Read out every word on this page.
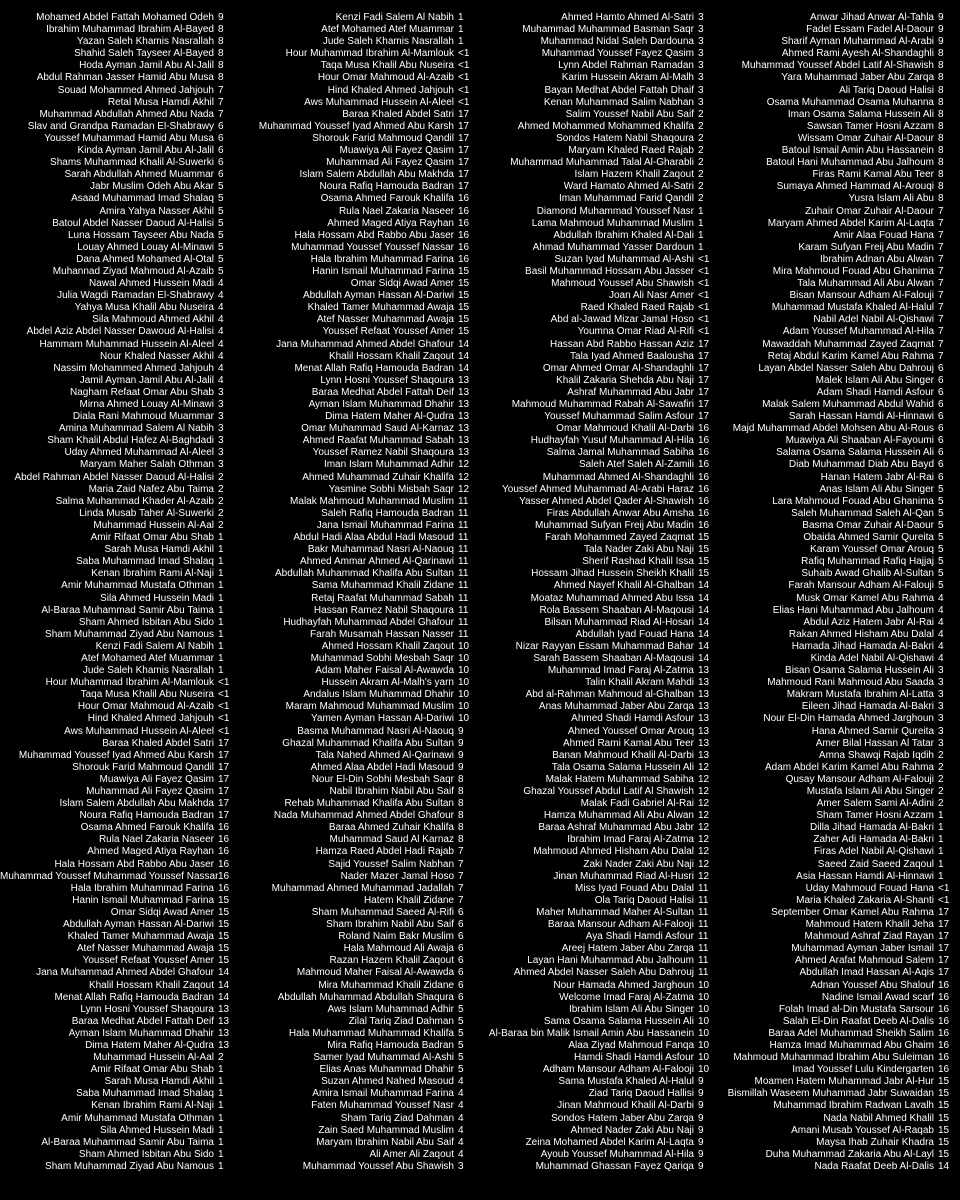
Mohamed Abdel Fattah Mohamed Odeh 9
Ibrahim Muhammad Ibrahim Al-Bayed 8
Yazan Saleh Khamis Nasrallah 8
Shahid Saleh Tayseer Al-Bayed 8
Hoda Ayman Jamil Abu Al-Jalil 8
Abdul Rahman Jasser Hamid Abu Musa 8
Souad Mohammed Ahmed Jahjouh 7
Retal Musa Hamdi Akhil 7
Muhammad Abdullah Ahmed Abu Nada 7
Slav and Grandpa Ramadan El-Shabrawy 6
Youssef Muhammad Hamid Abu Musa 6
Kinda Ayman Jamil Abu Al-Jalil 6
Shams Muhammad Khalil Al-Suwerki 6
Sarah Abdullah Ahmed Muammar 6
Jabr Muslim Odeh Abu Akar 5
Asaad Muhammad Imad Shalaq 5
Amira Yahya Nasser Akhil 5
Batoul Abdel Nasser Daoud Al-Halisi 5
Luna Hossam Tayseer Abu Nada 5
Louay Ahmed Louay Al-Minawi 5
Dana Ahmed Mohamed Al-Otal 5
Muhannad Ziyad Mahmoud Al-Azaib 5
Nawal Ahmed Hussein Madi 4
Julia Wagdi Ramadan El-Shabrawy 4
Yahya Musa Khalil Abu Nuseira 4
Sila Mahmoud Ahmed Akhil 4
Abdel Aziz Abdel Nasser Dawoud Al-Halisi 4
Hammam Muhammad Hussein Al-Aleel 4
Nour Khaled Nasser Akhil 4
Nassim Mohammed Ahmed Jahjouh 4
Jamil Ayman Jamil Abu Al-Jalil 4
Nagham Refaat Omar Abu Shab 3
Mirna Ahmed Louay Al-Minawi 3
Diala Rani Mahmoud Muammar 3
Amina Muhammad Salem Al Nabih 3
Sham Khalil Abdul Hafez Al-Baghdadi 3
Uday Ahmed Muhammad Al-Aleel 3
Maryam Maher Salah Othman 3
Abdel Rahman Abdel Nasser Daoud Al-Halisi 2
Maria Zaid Nafez Abu Taima 2
Salma Muhammad Khader Al-Azaib 2
Linda Musab Taher Al-Suwerki 2
Muhammad Hussein Al-Aal 2
Amir Rifaat Omar Abu Shab 1
Sarah Musa Hamdi Akhil 1
Saba Muhammad Imad Shalaq 1
Kenan Ibrahim Rami Al-Naji 1
Amir Muhammad Mustafa Othman 1
Sila Ahmed Hussein Madi 1
Al-Baraa Muhammad Samir Abu Taima 1
Sham Ahmed Isbitan Abu Sido 1
Sham Muhammad Ziyad Abu Namous 1
Kenzi Fadi Salem Al Nabih 1
Atef Mohamed Atef Muammar 1
Jude Saleh Khamis Nasrallah 1
Hour Muhammad Ibrahim Al-Mamlouk <1
Taqa Musa Khalil Abu Nuseira <1
Hour Omar Mahmoud Al-Azaib <1
Hind Khaled Ahmed Jahjouh <1
Aws Muhammad Hussein Al-Aleel <1
Baraa Khaled Abdel Satri 17
Muhammad Youssef Iyad Ahmed Abu Karsh 17
Shorouk Farid Mahmoud Qandil 17
Muawiya Ali Fayez Qasim 17
Muhammad Ali Fayez Qasim 17
Islam Salem Abdullah Abu Makhda 17
Noura Rafiq Hamouda Badran 17
Osama Ahmed Farouk Khalifa 16
Rula Nael Zakaria Naseer 16
Ahmed Maged Atiya Rayhan 16
Hala Hossam Abd Rabbo Abu Jaser 16
Muhammad Youssef Muhammad Youssef Nassar 16
Hala Ibrahim Muhammad Farina 16
Hanin Ismail Muhammad Farina 15
Omar Sidqi Awad Amer 15
Abdullah Ayman Hassan Al-Dariwi 15
Khaled Tamer Muhammad Awaja 15
Atef Nasser Muhammad Awaja 15
Youssef Refaat Youssef Amer 15
Jana Muhammad Ahmed Abdel Ghafour 14
Khalil Hossam Khalil Zaqout 14
Menat Allah Rafiq Hamouda Badran 14
Lynn Hosni Youssef Shaqoura 13
Baraa Medhat Abdel Fattah Deif 13
Ayman Islam Muhammad Dhahir 13
Dima Hatem Maher Al-Qudra 13
Muhammad Hussein Al-Aal 2
Amir Rifaat Omar Abu Shab 1
Sarah Musa Hamdi Akhil 1
Saba Muhammad Imad Shalaq 1
Kenan Ibrahim Rami Al-Naji 1
Amir Muhammad Mustafa Othman 1
Sila Ahmed Hussein Madi 1
Al-Baraa Muhammad Samir Abu Taima 1
Sham Ahmed Isbitan Abu Sido 1
Sham Muhammad Ziyad Abu Namous 1
Kenzi Fadi Salem Al Nabih 1
Atef Mohamed Atef Muammar 1
Jude Saleh Khamis Nasrallah 1
Hour Muhammad Ibrahim Al-Mamlouk <1
Taqa Musa Khalil Abu Nuseira <1
Hour Omar Mahmoud Al-Azaib <1
Hind Khaled Ahmed Jahjouh <1
Aws Muhammad Hussein Al-Aleel <1
Baraa Khaled Abdel Satri 17
Muhammad Youssef Iyad Ahmed Abu Karsh 17
Shorouk Farid Mahmoud Qandil 17
Muawiya Ali Fayez Qasim 17
Muhammad Ali Fayez Qasim 17
Islam Salem Abdullah Abu Makhda 17
Noura Rafiq Hamouda Badran 17
Osama Ahmed Farouk Khalifa 16
Rula Nael Zakaria Naseer 16
Ahmed Maged Atiya Rayhan 16
Hala Hossam Abd Rabbo Abu Jaser 16
Muhammad Youssef Youssef Nassar 16
Hala Ibrahim Muhammad Farina 16
Hanin Ismail Muhammad Farina 15
Omar Sidqi Awad Amer 15
Abdullah Ayman Hassan Al-Dariwi 15
Khaled Tamer Muhammad Awaja 15
Atef Nasser Muhammad Awaja 15
Youssef Refaat Youssef Amer 15
Jana Muhammad Ahmed Abdel Ghafour 14
Khalil Hossam Khalil Zaqout 14
Menat Allah Rafiq Hamouda Badran 14
Lynn Hosni Youssef Shaqoura 13
Baraa Medhat Abdel Fattah Deif 13
Ayman Islam Muhammad Dhahir 13
Dima Hatem Maher Al-Qudra 13
Omar Muhammad Saud Al-Karnaz 13
Ahmed Raafat Muhammad Sabah 13
Youssef Ramez Nabil Shaqoura 13
Iman Islam Muhammad Adhir 12
Ahmed Muhammad Zuhair Khalifa 12
Yasmine Sobhi Misbah Saqr 12
Malak Mahmoud Muhammad Muslim 11
Saleh Rafiq Hamouda Badran 11
Jana Ismail Muhammad Farina 11
Abdul Hadi Alaa Abdul Hadi Masoud 11
Bakr Muhammad Nasri Al-Naouq 11
Ahmed Ammar Ahmed Al-Qarinawi 11
Abdullah Muhammad Khalifa Abu Sultan 11
Sama Muhammad Khalil Zidane 11
Retaj Raafat Muhammad Sabah 11
Hassan Ramez Nabil Shaqoura 11
Hudhayfah Muhammad Abdel Ghafour 11
Farah Musamah Hassan Nasser 11
Ahmed Hossam Khalil Zaqout 10
Muhammad Sobhi Mesbah Saqr 10
Adam Maher Faisal Al-Awawda 10
Hussein Akram Al-Malh's yarn 10
Andalus Islam Muhammad Dhahir 10
Maram Mahmoud Muhammad Muslim 10
Yamen Ayman Hassan Al-Dariwi 10
Basma Muhammad Nasri Al-Naouq 9
Ghazal Muhammad Khalifa Abu Sultan 9
Tala Nahed Ahmed Al-Qarinawi 9
Ahmed Alaa Abdel Hadi Masoud 9
Nour El-Din Sobhi Mesbah Saqr 8
Nabil Ibrahim Nabil Abu Saif 8
Rehab Muhammad Khalifa Abu Sultan 8
Nada Muhammad Ahmed Abdel Ghafour 8
Baraa Ahmed Zuhair Khalifa 8
Muhammad Saud Al Karnaz 8
Hamza Raed Abdel Hadi Rajab 7
Sajid Youssef Salim Nabhan 7
Nader Mazer Jamal Hoso 7
Muhammad Ahmed Muhammad Jadallah 7
Hatem Khalil Zidane 7
Sham Muhammad Saeed Al-Rifi 6
Sham Ibrahim Nabil Abu Saif 6
Roland Naim Bakr Muslim 6
Hala Mahmoud Ali Awaja 6
Razan Hazem Khalil Zaqout 6
Mahmoud Maher Faisal Al-Awawda 6
Mira Muhammad Khalil Zidane 6
Abdullah Muhammad Abdullah Shaqura 6
Aws Islam Muhammad Adhir 5
Zilal Tariq Ziad Dahman 5
Hala Muhammad Muhammad Khalifa 5
Mira Rafiq Hamouda Badran 5
Samer Iyad Muhammad Al-Ashi 5
Elias Anas Muhammad Dhahir 5
Suzan Ahmed Nahed Masoud 4
Amira Ismail Muhammad Farina 4
Faten Muhammad Youssef Nasr 4
Sham Tariq Ziad Dahman 4
Zain Saed Muhammad Muslim 4
Maryam Ibrahim Nabil Abu Saif 4
Ali Amer Ali Zaqout 4
Muhammad Youssef Abu Shawish 3
Ahmed Hamto Ahmed Al-Satri 3
Muhammad Muhammad Basman Saqr 3
Muhammad Nidal Saleh Dardouna 3
Muhammad Youssef Fayez Qasim 3
Lynn Abdel Rahman Ramadan 3
Karim Hussein Akram Al-Malh 3
Bayan Medhat Abdel Fattah Dhaif 3
Kenan Muhammad Salim Nabhan 3
Salim Youssef Nabil Abu Saif 2
Ahmed Mohammed Mohammed Khalifa 2
Sondos Hatem Nabil Shaqoura 2
Maryam Khaled Raed Rajab 2
Muhammad Muhammad Talal Al-Gharabli 2
Islam Hazem Khalil Zaqout 2
Ward Hamato Ahmed Al-Satri 2
Iman Muhammad Farid Qandil 2
Diamond Muhammad Youssef Nasr 1
Lama Mahmoud Muhammad Muslim 1
Abdullah Ibrahim Khaled Al-Dali 1
Ahmad Muhammad Yasser Dardoun 1
Suzan Iyad Muhammad Al-Ashi <1
Basil Muhammad Hossam Abu Jasser <1
Mahmoud Youssef Abu Shawish <1
Joan Ali Nasr Amer <1
Raed Khaled Raed Rajab <1
Abd al-Jawad Mizar Jamal Hoso <1
Youmna Omar Riad Al-Rifi <1
Hassan Abd Rabbo Hassan Aziz 17
Tala Iyad Ahmed Baalousha 17
Omar Ahmed Omar Al-Shandaghli 17
Khalil Zakaria Shehda Abu Naji 17
Ashraf Muhammad Abu Jabr 17
Mahmoud Muhammad Rabah Al-Sawafiri 17
Youssef Muhammad Salim Asfour 17
Omar Mahmoud Khalil Al-Darbi 16
Hudhayfah Yusuf Muhammad Al-Hila 16
Salma Jamal Muhammad Sabiha 16
Saleh Atef Saleh Al-Zamili 16
Muhammad Ahmed Al-Shandaghli 16
Youssef Ahmed Muhammad Al-Arabi Haraz 16
Yasser Ahmed Abdel Qader Al-Shawish 16
Firas Abdullah Anwar Abu Amsha 16
Muhammad Sufyan Freij Abu Madin 16
Farah Mohammed Zayed Zaqmat 15
Tala Nader Zaki Abu Naji 15
Sherif Rashad Khalil Issa 15
Hossam Jihad Hussein Sheikh Khalil 15
Ahmed Nayef Khalil Al-Ghalban 14
Moataz Muhammad Ahmed Abu Issa 14
Rola Bassem Shaaban Al-Maqousi 14
Bilsan Muhammad Riad Al-Hosari 14
Abdullah Iyad Fouad Hana 14
Nizar Rayyan Essam Muhammad Bahar 14
Sarah Bassem Shaaban Al-Maqousi 14
Muhammad Imad Faraj Al-Zatma 13
Talin Khalil Akram Mahdi 13
Abd al-Rahman Mahmoud al-Ghalban 13
Anas Muhammad Jaber Abu Zarqa 13
Ahmed Shadi Hamdi Asfour 13
Ahmed Youssef Omar Arouq 13
Ahmed Rami Kamal Abu Teer 13
Banan Mahmoud Khalil Al-Darbi 13
Tala Osama Salama Hussein Ali 12
Malak Hatem Muhammad Sabiha 12
Ghazal Youssef Abdul Latif Al Shawish 12
Malak Fadi Gabriel Al-Rai 12
Hamza Muhammad Ali Abu Alwan 12
Baraa Ashraf Muhammad Abu Jabr 12
Ibrahim Imad Faraj Al-Zatma 12
Mahmoud Ahmed Hisham Abu Dalal 12
Zaki Nader Zaki Abu Naji 12
Jinan Muhammad Riad Al-Husri 12
Miss Iyad Fouad Abu Dalal 11
Ola Tariq Daoud Halisi 11
Maher Muhammad Maher Al-Sultan 11
Baraa Mansour Adham Al-Falooji 11
Aya Shadi Hamdi Asfour 11
Areej Hatem Jaber Abu Zarqa 11
Layan Hani Muhammad Abu Jalhoum 11
Ahmed Abdel Nasser Saleh Abu Dahrouj 11
Nour Hamada Ahmed Jarghoun 10
Welcome Imad Faraj Al-Zatma 10
Ibrahim Islam Ali Abu Singer 10
Sama Osama Salama Hussein Ali 10
Al-Baraa bin Malik Ismail Amin Abu Hassanein 10
Alaa Ziyad Mahmoud Fanqa 10
Hamdi Shadi Hamdi Asfour 10
Adham Mansour Adham Al-Falooji 10
Sama Mustafa Khaled Al-Halul 9
Ziad Tariq Daoud Hallisi 9
Jinan Mahmoud Khalil Al-Darbi 9
Sondos Hatem Jaber Abu Zarqa 9
Ahmed Nader Zaki Abu Naji 9
Zeina Mohamed Abdel Karim Al-Laqta 9
Ayoub Youssef Muhammad Al-Hila 9
Muhammad Ghassan Fayez Qariqa 9
Anwar Jihad Anwar Al-Tahla 9
Fadel Essam Fadel Al-Daour 9
Sharif Ayman Muhammad Al-Arabi 9
Ahmed Rami Ayesh Al-Shandaghli 8
Muhammad Youssef Abdel Latif Al-Shawish 8
Yara Muhammad Jaber Abu Zarqa 8
Ali Tariq Daoud Halisi 8
Osama Muhammad Osama Muhanna 8
Iman Osama Salama Hussein Ali 8
Sawsan Tamer Hosni Azzam 8
Wissam Omar Zuhair Al-Daour 8
Batoul Ismail Amin Abu Hassanein 8
Batoul Hani Muhammad Abu Jalhoum 8
Firas Rami Kamal Abu Teer 8
Sumaya Ahmed Hammad Al-Arouqi 8
Yusra Islam Ali Abu 8
Zuhair Omar Zuhair Al-Daour 7
Maryam Ahmed Abdel Karim Al-Laqta 7
Amir Alaa Fouad Hana 7
Karam Sufyan Freij Abu Madin 7
Ibrahim Adnan Abu Alwan 7
Mira Mahmoud Fouad Abu Ghanima 7
Tala Muhammad Ali Abu Alwan 7
Bisan Mansour Adham Al-Falouji 7
Muhammad Mustafa Khaled Al-Halul 7
Nabil Adel Nabil Al-Qishawi 7
Adam Youssef Muhammad Al-Hila 7
Mawaddah Muhammad Zayed Zaqmat 7
Retaj Abdul Karim Kamel Abu Rahma 7
Layan Abdel Nasser Saleh Abu Dahrouj 6
Malek Islam Ali Abu Singer 6
Adam Shadi Hamdi Asfour 6
Malak Salem Muhammad Abdul Wahid 6
Sarah Hassan Hamdi Al-Hinnawi 6
Majd Muhammad Abdel Mohsen Abu Al-Rous 6
Muawiya Ali Shaaban Al-Fayoumi 6
Salama Osama Salama Hussein Ali 6
Diab Muhammad Diab Abu Bayd 6
Hanan Hatem Jabr Al-Rai 6
Anas Islam Ali Abu Singer 5
Lara Mahmoud Fouad Abu Ghanima 5
Saleh Muhammad Saleh Al-Qan 5
Basma Omar Zuhair Al-Daour 5
Obaida Ahmed Samir Qureita 5
Karam Youssef Omar Arouq 5
Rafiq Muhammad Rafiq Hajjaj 5
Suhaib Awad Ghalib Al-Sultan 5
Farah Mansour Adham Al-Falouji 5
Musk Omar Kamel Abu Rahma 4
Elias Hani Muhammad Abu Jalhoum 4
Abdul Aziz Hatem Jabr Al-Rai 4
Rakan Ahmed Hisham Abu Dalal 4
Hamada Jihad Hamada Al-Bakri 4
Kinda Adel Nabil Al-Qishawi 4
Bisan Osama Salama Hussein Ali 3
Mahmoud Rani Mahmoud Abu Saada 3
Makram Mustafa Ibrahim Al-Latta 3
Eileen Jihad Hamada Al-Bakri 3
Nour El-Din Hamada Ahmed Jarghoun 3
Hana Ahmed Samir Qureita 3
Amer Bilal Hassan Al Tatar 3
Amna Shawqi Rajab Iqdih 2
Adam Abdel Karim Kamel Abu Rahma 2
Qusay Mansour Adham Al-Falouji 2
Mustafa Islam Ali Abu Singer 2
Amer Salem Sami Al-Adini 2
Sham Tamer Hosni Azzam 1
Dilla Jihad Hamada Al-Bakri 1
Zaher Adi Hamada Al-Bakri 1
Firas Adel Nabil Al-Qishawi 1
Saeed Zaid Saeed Zaqoul 1
Asia Hassan Hamdi Al-Hinnawi 1
Uday Mahmoud Fouad Hana <1
Maria Khaled Zakaria Al-Shanti <1
September Omar Kamel Abu Rahma 17
Mahmoud Hatem Khalil Jeha 17
Mahmoud Ashraf Ziad Rayan 17
Muhammad Ayman Jaber Ismail 17
Ahmed Arafat Mahmoud Salem 17
Abdullah Imad Hassan Al-Aqis 17
Adnan Youssef Abu Shalouf 16
Nadine Ismail Awad scarf 16
Folah Imad al-Din Mustafa Sarsour 16
Salah El-Din Raafat Deeb Al-Dalis 16
Baraa Adel Muhammad Sheikh Salim 16
Hamza Imad Muhammad Abu Ghaim 16
Mahmoud Muhammad Ibrahim Abu Suleiman 16
Imad Youssef Lulu Kindergarten 16
Moamen Hatem Muhammad Jabr Al-Hur 15
Bismillah Waseem Muhammad Jabr Suwaidan 15
Muhammad Ibrahim Radwan Lavalh 15
Nada Nabil Ahmed Khalil 15
Amani Musab Youssef Al-Raqab 15
Maysa Ihab Zuhair Khadra 15
Duha Muhammad Zakaria Abu Al-Layl 15
Nada Raafat Deeb Al-Dalis 14
